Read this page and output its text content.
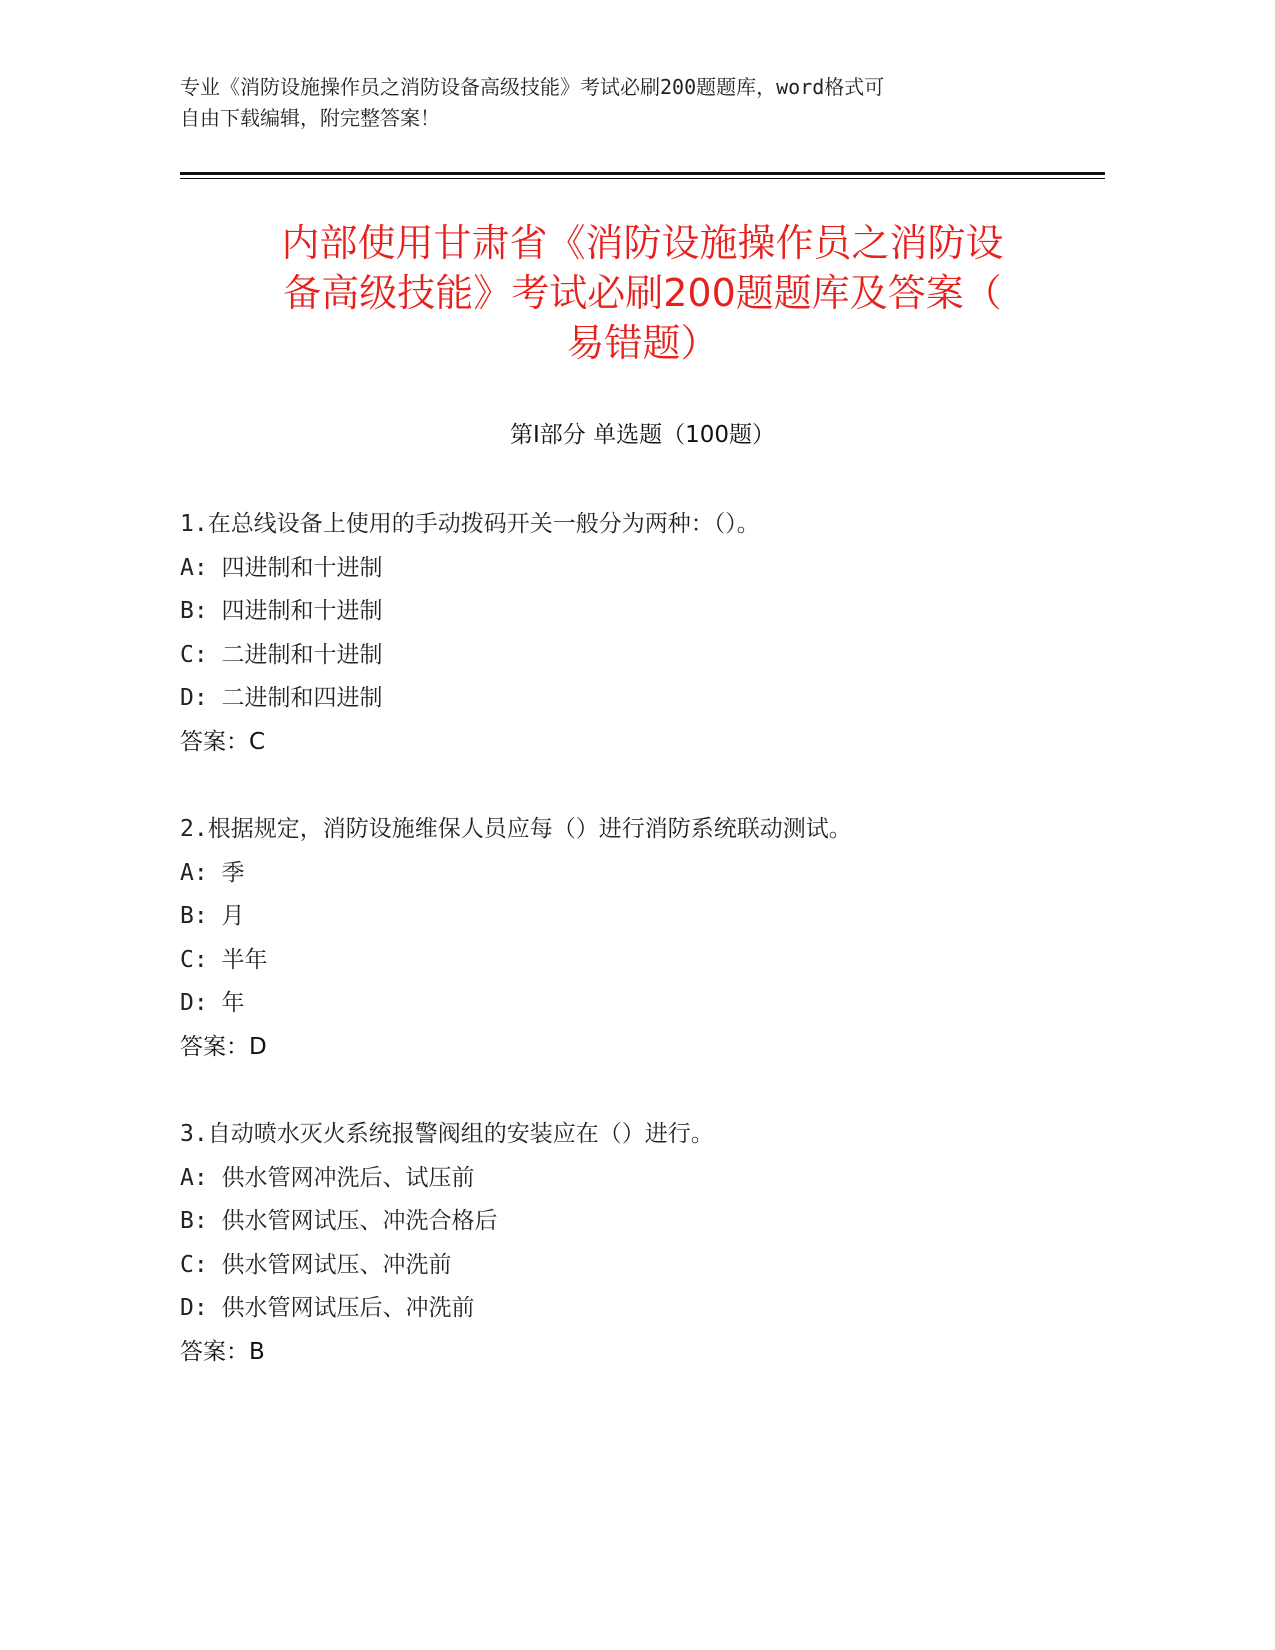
专业《消防设施操作员之消防设备高级技能》考试必刷200题题库，word格式可
自由下载编辑，附完整答案！
内部使用甘肃省《消防设施操作员之消防设
备高级技能》考试必刷200题题库及答案（
易错题）
第Ⅰ部分 单选题（100题）
1.在总线设备上使用的手动拨码开关一般分为两种：（）。
A: 四进制和十进制
B: 四进制和十进制
C: 二进制和十进制
D: 二进制和四进制
答案：C
2.根据规定，消防设施维保人员应每（）进行消防系统联动测试。
A: 季
B: 月
C: 半年
D: 年
答案：D
3.自动喷水灭火系统报警阀组的安装应在（）进行。
A: 供水管网冲洗后、试压前
B: 供水管网试压、冲洗合格后
C: 供水管网试压、冲洗前
D: 供水管网试压后、冲洗前
答案：B
